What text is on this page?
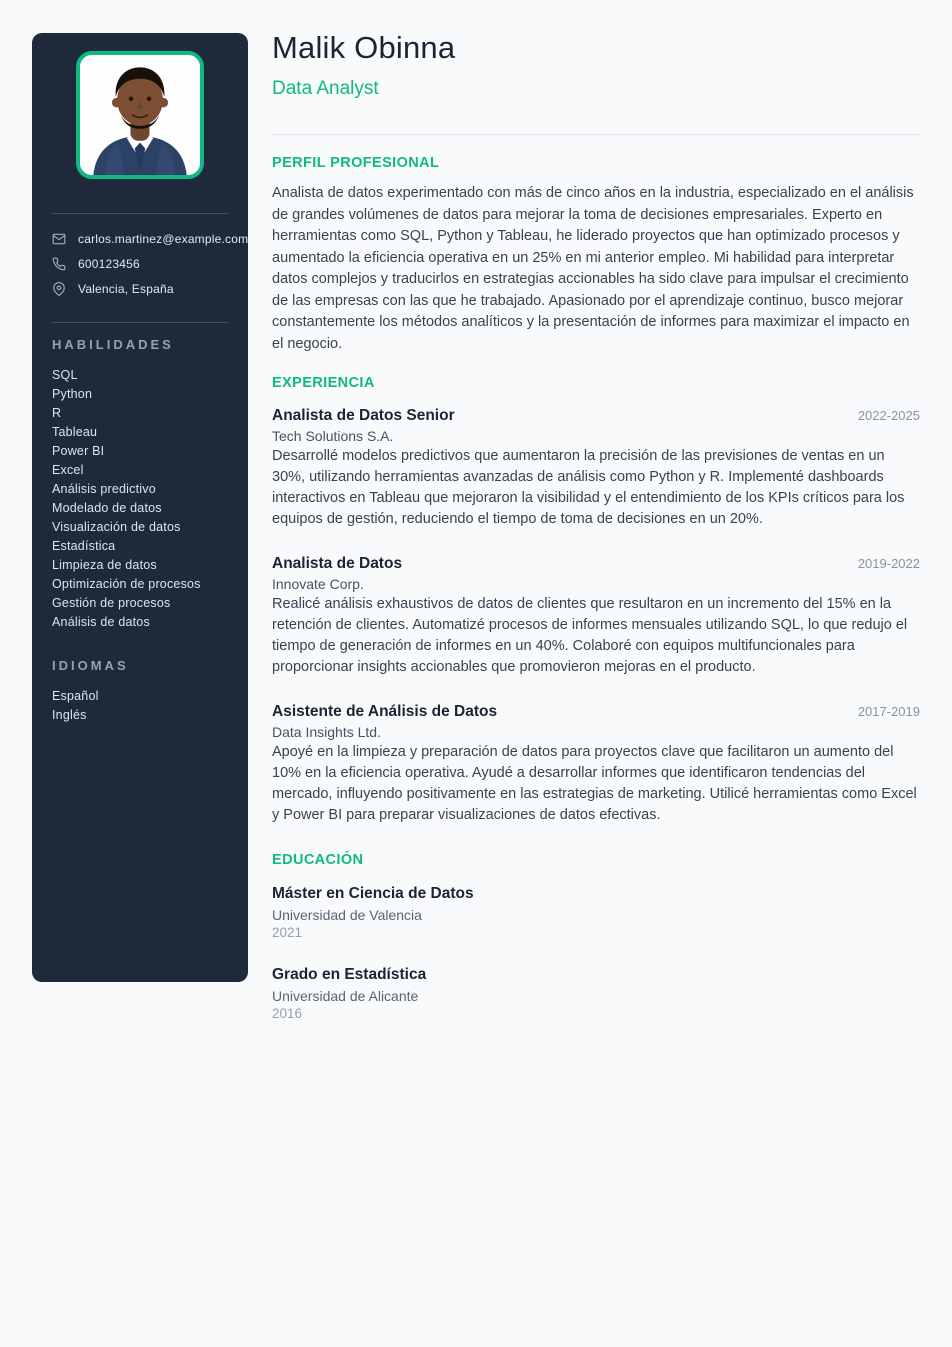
carlos.martinez@example.com
600123456
Valencia, España
HABILIDADES
SQL
Python
R
Tableau
Power BI
Excel
Análisis predictivo
Modelado de datos
Visualización de datos
Estadística
Limpieza de datos
Optimización de procesos
Gestión de procesos
Análisis de datos
IDIOMAS
Español
Inglés
Malik Obinna
Data Analyst
PERFIL PROFESIONAL

Analista de datos experimentado con más de cinco años en la industria, especializado en el análisis de grandes volúmenes de datos para mejorar la toma de decisiones empresariales. Experto en herramientas como SQL, Python y Tableau, he liderado proyectos que han optimizado procesos y aumentado la eficiencia operativa en un 25% en mi anterior empleo. Mi habilidad para interpretar datos complejos y traducirlos en estrategias accionables ha sido clave para impulsar el crecimiento de las empresas con las que he trabajado. Apasionado por el aprendizaje continuo, busco mejorar constantemente los métodos analíticos y la presentación de informes para maximizar el impacto en el negocio.

EXPERIENCIA
Analista de Datos Senior	2022-2025
Tech Solutions S.A.
Desarrollé modelos predictivos que aumentaron la precisión de las previsiones de ventas en un 30%, utilizando herramientas avanzadas de análisis como Python y R. Implementé dashboards interactivos en Tableau que mejoraron la visibilidad y el entendimiento de los KPIs críticos para los equipos de gestión, reduciendo el tiempo de toma de decisiones en un 20%.
Analista de Datos	2019-2022
Innovate Corp.
Realicé análisis exhaustivos de datos de clientes que resultaron en un incremento del 15% en la retención de clientes. Automatizé procesos de informes mensuales utilizando SQL, lo que redujo el tiempo de generación de informes en un 40%. Colaboré con equipos multifuncionales para proporcionar insights accionables que promovieron mejoras en el producto.
Asistente de Análisis de Datos	2017-2019
Data Insights Ltd.
Apoyé en la limpieza y preparación de datos para proyectos clave que facilitaron un aumento del 10% en la eficiencia operativa. Ayudé a desarrollar informes que identificaron tendencias del mercado, influyendo positivamente en las estrategias de marketing. Utilicé herramientas como Excel y Power BI para preparar visualizaciones de datos efectivas.
EDUCACIÓN
Máster en Ciencia de Datos
Universidad de Valencia
2021
Grado en Estadística
Universidad de Alicante
2016
